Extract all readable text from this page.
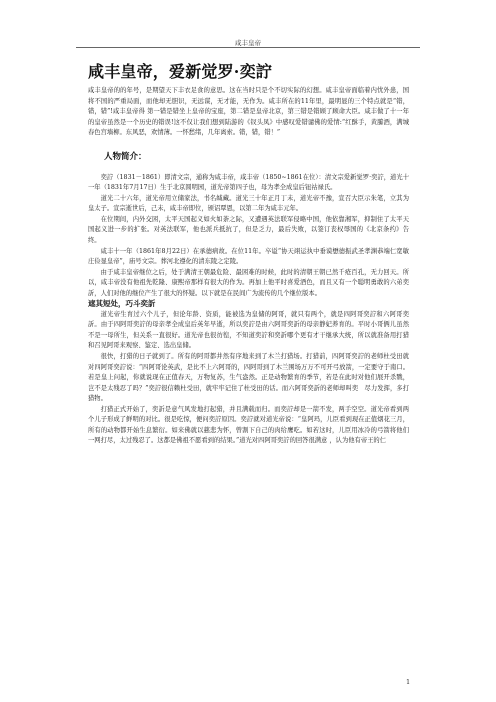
咸丰皇帝
咸丰皇帝，爱新觉罗·奕詝

咸丰皇帝的的年号，是期望天下丰衣足食的意思。这在当时只是个不切实际的幻想。咸丰皇帝面临着内忧外患，国将不国的严重局面，而他却无胆识，无远谋，无才能，无作为。咸丰所在的11年里，最明显的三个特点就是“错，错，错”!咸丰皇帝得 第一错是错坐上皇帝的宝座，第二错是皇帝北京，第三错是错顾了顾命大臣。咸丰做了十一年的皇帝虽然是一个历史的错误!这不仅让我们想到陆游的《钗头凤》中感叹爱错谴佛的爱情:“红酥手，黄縢酒，满城春色宫墙柳。东风恶，欢情薄。一怀愁绪，几年离索。错，错，错！”

人物简介：

奕詝（1831－1861）即清文宗，通称为咸丰帝，咸丰帝（1850~1861在位）：清文宗爱新觉罗·奕詝，道光十一年（1831年7月17日）生于北京圆明园，道光帝第四子也，母为孝全成皇后钮祜禄氏。

道光二十六年，道光帝用立储家法，书名缄藏。道光三十年正月丁未，道光帝不豫，宣召大臣示朱笔，立其为皇太子。宣宗逝世后，己未，咸丰帝即位，颁诏覃恩，以第二年为咸丰元年。

在位期间，内外交困，太平天国起义如火如荼之际，又遭遇英法联军侵略中国，他依靠湘军，抑制住了太平天国起义进一步的扩张。对英法联军，他也派兵抵抗了，但是乏力，最后失败，以签订丧权辱国的《北京条约》告终。

咸丰十一年（1861年8月22日）在承德病故。在位11年。卒谥“协天翊运执中垂谟懋德振武圣孝渊恭端仁宽敏庄俭显皇帝”，庙号文宗。葬河北遵化的清东陵之定陵。

由于咸丰皇帝继位之后，处于满清王朝最危险、最困难的时候，此时的清朝王朝已然千疮百孔，无力回天。所以，咸丰帝没有他祖先乾隆、康熙帝那样有很大的作为。再加上他平时喜爱酒色，而且又有一个聪明勇敢的六弟奕訢，人们对他的继位产生了很大的怀疑。以下就是在民间广为流传的几个继位版本。

遮其短处，巧斗奕訢

道光帝生育过六个儿子，但论年龄、资质，能被选为皇储的阿哥，就只有两个，就是四阿哥奕詝和六阿哥奕訢。由于四阿哥奕詝的母亲孝全成皇后英年早逝，所以奕詝是由六阿哥奕訢的母亲静妃养育的。平时小哥俩儿虽然不是一母所生，但关系一直很好。道光帝也很彷徨，不知道奕詝和奕訢哪个更有才干继承大统，所以就准备用打猎和召见阿哥来观察、鉴定、选出皇储。

很快，打猎的日子就到了。所有的阿哥都井然有序地来到了木兰打猎场。打猎前，四阿哥奕詝的老师杜受田就对四阿哥奕詝说：“四阿哥论英武，是比不上六阿哥的，四阿哥到了木兰围场万万不可开弓放箭，一定要守于南口。若是皇上问起，你就说现在正值春天，万物复苏，生气盎然。正是动物繁育的季节，若是在此时对他们展开杀戮，岂不是太残忍了吗？”奕詝很信赖杜受田，就牢牢记住了杜受田的话。而六阿哥奕訢的老师却叫奕　尽力发挥，多打猎物。

打猎正式开始了，奕訢是意气风发地打起猎，并且满载而归。而奕詝却是一箭不发，两手空空。道光帝看到两个儿子形成了鲜明的对比。很是吃惊，便问奕詝原因。奕詝就对道光帝说：“皇阿玛，儿臣看到现在正值烟花三月，所有的动物都开始生息繁衍。如来佛就以慈悲为怀，曾割下自己的肉给鹰吃。如若这时，儿臣用冰冷的弓箭将他们一网打尽，太过残忍了。这都是佛祖不愿看到的结果。”道光对四阿哥奕詝的回答很满意 ，认为他有帝王的仁

1
